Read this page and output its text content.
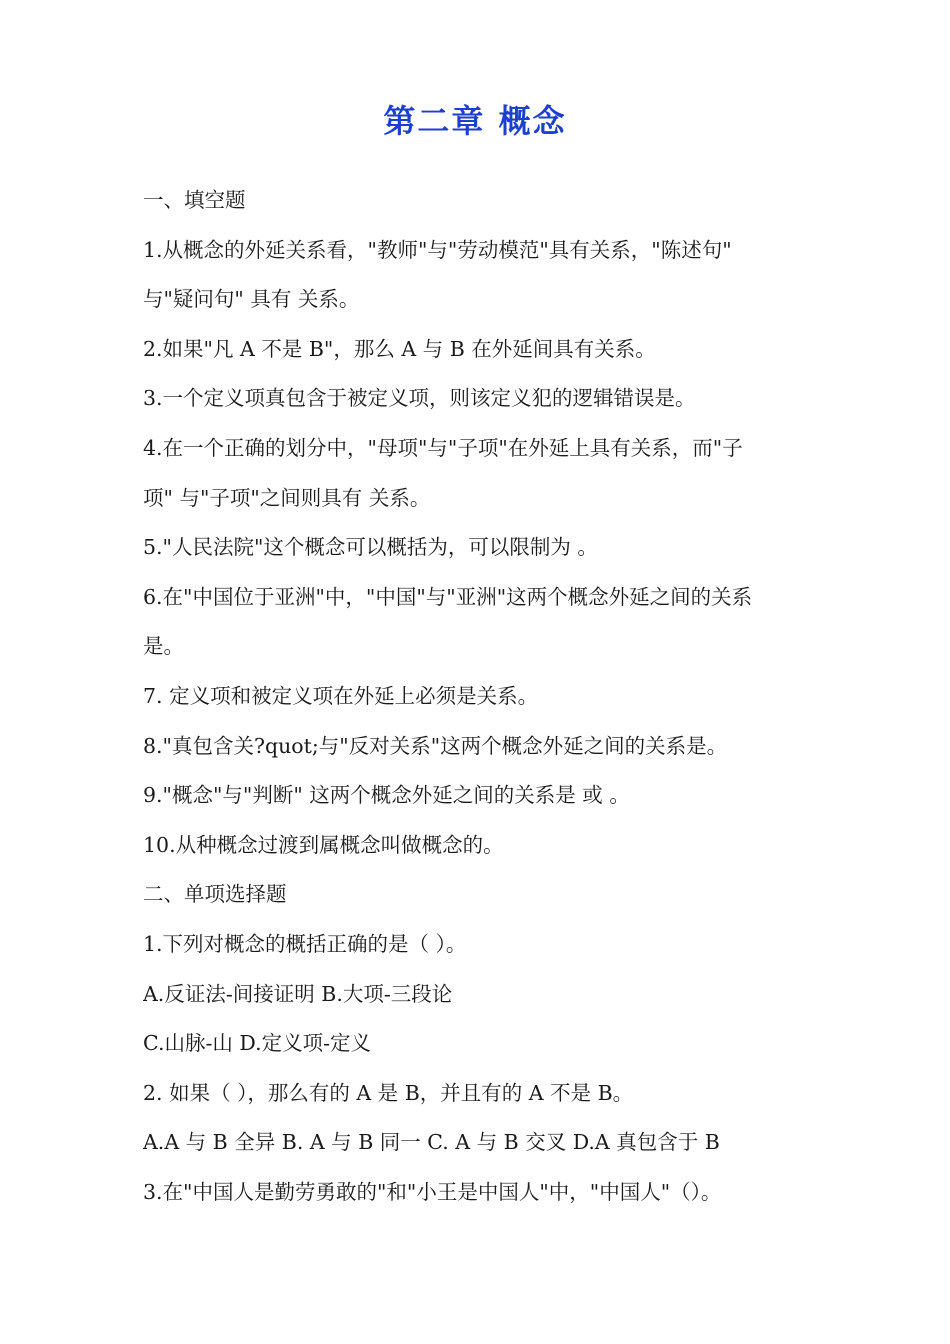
第二章 概念
一、填空题
1.从概念的外延关系看，"教师"与"劳动模范"具有关系，"陈述句"
与"疑问句" 具有 关系。
2.如果"凡 A 不是 B"，那么 A 与 B 在外延间具有关系。
3.一个定义项真包含于被定义项，则该定义犯的逻辑错误是。
4.在一个正确的划分中，"母项"与"子项"在外延上具有关系，而"子
项" 与"子项"之间则具有 关系。
5."人民法院"这个概念可以概括为，可以限制为 。
6.在"中国位于亚洲"中，"中国"与"亚洲"这两个概念外延之间的关系
是。
7. 定义项和被定义项在外延上必须是关系。
8."真包含关?quot;与"反对关系"这两个概念外延之间的关系是。
9."概念"与"判断" 这两个概念外延之间的关系是 或 。
10.从种概念过渡到属概念叫做概念的。
二、单项选择题
1.下列对概念的概括正确的是（ ）。
A.反证法-间接证明 B.大项-三段论
C.山脉-山 D.定义项-定义
2. 如果（ ），那么有的 A 是 B，并且有的 A 不是 B。
A.A 与 B 全异 B. A 与 B 同一 C. A 与 B 交叉 D.A 真包含于 B
3.在"中国人是勤劳勇敢的"和"小王是中国人"中，"中国人"（）。
